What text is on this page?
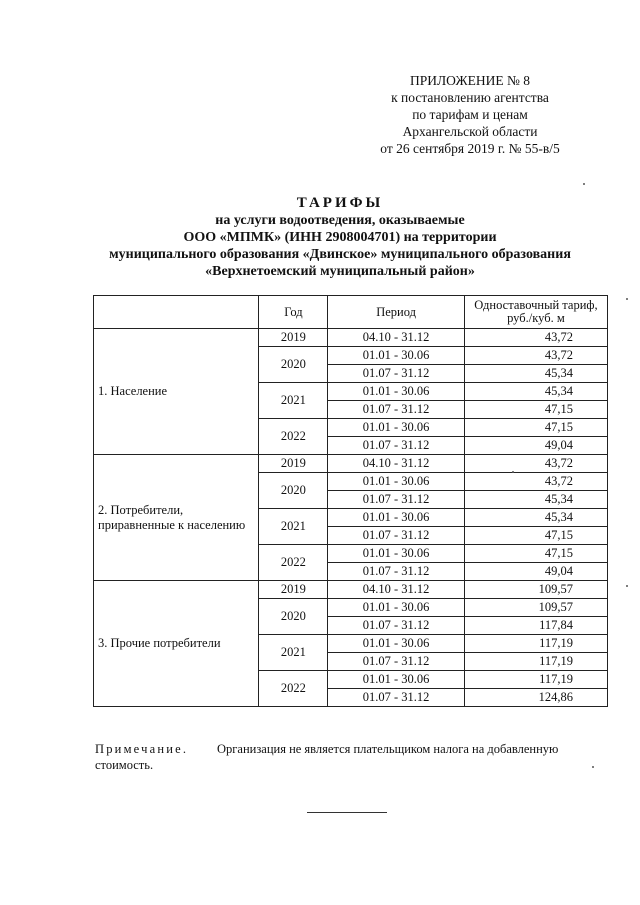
ПРИЛОЖЕНИЕ № 8
к постановлению агентства
по тарифам и ценам
Архангельской области
от 26 сентября 2019 г. № 55-в/5
ТАРИФЫ
на услуги водоотведения, оказываемые
ООО «МПМК» (ИНН 2908004701) на территории
муниципального образования «Двинское» муниципального образования
«Верхнетоемский муниципальный район»
	Год	Период	Одноставочный тариф,
руб./куб. м

1. Население	2019	04.10 - 31.12	43,72
	2020	01.01 - 30.06	43,72
		01.07 - 31.12	45,34
	2021	01.01 - 30.06	45,34
		01.07 - 31.12	47,15
	2022	01.01 - 30.06	47,15
		01.07 - 31.12	49,04

2. Потребители,
приравненные к населению	2019	04.10 - 31.12	43,72
	2020	01.01 - 30.06	43,72
		01.07 - 31.12	45,34
	2021	01.01 - 30.06	45,34
		01.07 - 31.12	47,15
	2022	01.01 - 30.06	47,15
		01.07 - 31.12	49,04

3. Прочие потребители	2019	04.10 - 31.12	109,57
	2020	01.01 - 30.06	109,57
		01.07 - 31.12	117,84
	2021	01.01 - 30.06	117,19
		01.07 - 31.12	117,19
	2022	01.01 - 30.06	117,19
		01.07 - 31.12	124,86
Примечание. Организация не является плательщиком налога на добавленную стоимость.
